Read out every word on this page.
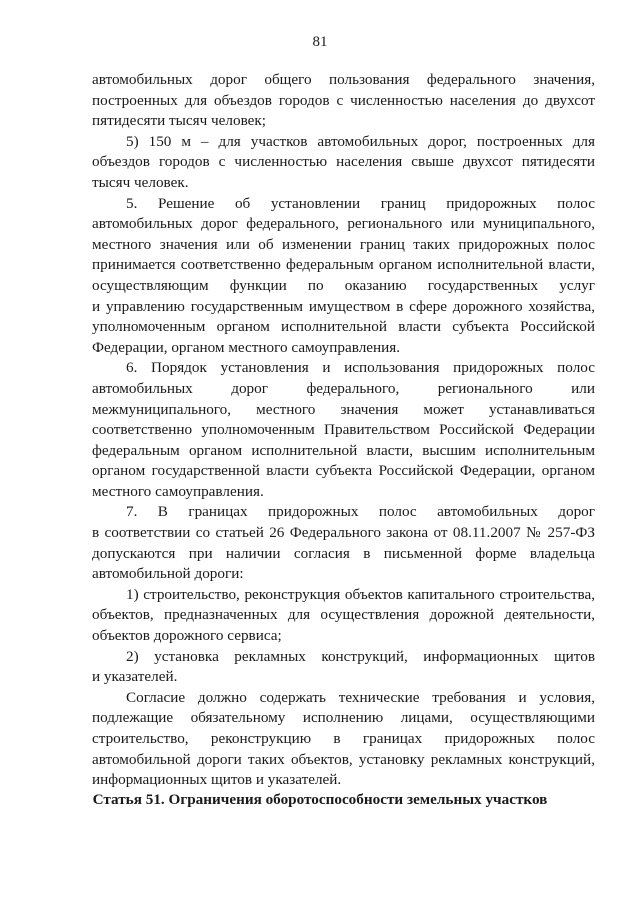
81
автомобильных дорог общего пользования федерального значения,
построенных для объездов городов с численностью населения до двухсот
пятидесяти тысяч человек;
5) 150 м – для участков автомобильных дорог, построенных для
объездов городов с численностью населения свыше двухсот пятидесяти
тысяч человек.
5. Решение об установлении границ придорожных полос
автомобильных дорог федерального, регионального или муниципального,
местного значения или об изменении границ таких придорожных полос
принимается соответственно федеральным органом исполнительной власти,
осуществляющим функции по оказанию государственных услуг
и управлению государственным имуществом в сфере дорожного хозяйства,
уполномоченным органом исполнительной власти субъекта Российской
Федерации, органом местного самоуправления.
6. Порядок установления и использования придорожных полос
автомобильных дорог федерального, регионального или
межмуниципального, местного значения может устанавливаться
соответственно уполномоченным Правительством Российской Федерации
федеральным органом исполнительной власти, высшим исполнительным
органом государственной власти субъекта Российской Федерации, органом
местного самоуправления.
7. В границах придорожных полос автомобильных дорог
в соответствии со статьей 26 Федерального закона от 08.11.2007 № 257-ФЗ
допускаются при наличии согласия в письменной форме владельца
автомобильной дороги:
1) строительство, реконструкция объектов капитального строительства,
объектов, предназначенных для осуществления дорожной деятельности,
объектов дорожного сервиса;
2) установка рекламных конструкций, информационных щитов
и указателей.
Согласие должно содержать технические требования и условия,
подлежащие обязательному исполнению лицами, осуществляющими
строительство, реконструкцию в границах придорожных полос
автомобильной дороги таких объектов, установку рекламных конструкций,
информационных щитов и указателей.
Статья 51. Ограничения оборотоспособности земельных участков
